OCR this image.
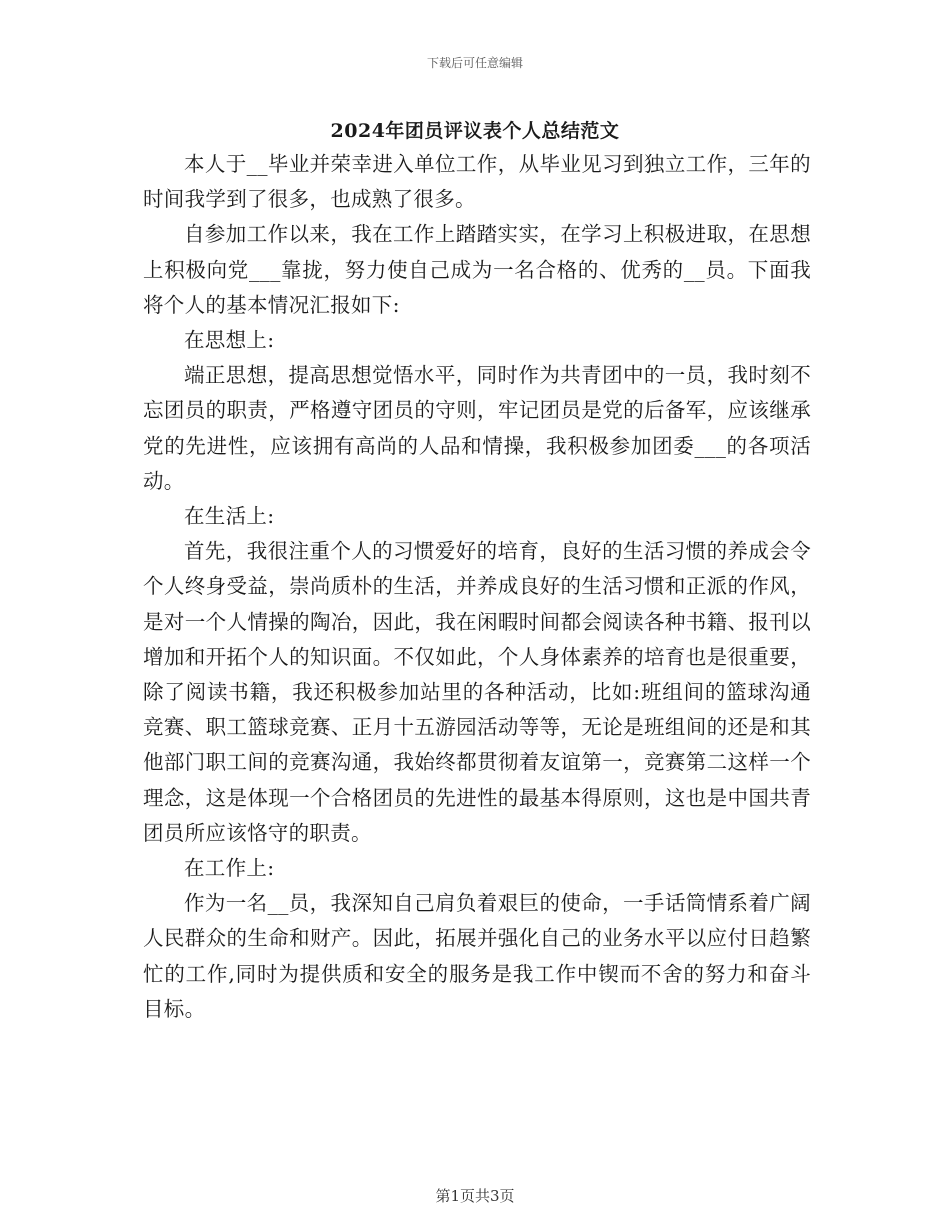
下载后可任意编辑
2024年团员评议表个人总结范文

本人于__毕业并荣幸进入单位工作，从毕业见习到独立工作，三年的时间我学到了很多，也成熟了很多。

自参加工作以来，我在工作上踏踏实实，在学习上积极进取，在思想上积极向党___靠拢，努力使自己成为一名合格的、优秀的__员。下面我将个人的基本情况汇报如下:

在思想上:

端正思想，提高思想觉悟水平，同时作为共青团中的一员，我时刻不忘团员的职责，严格遵守团员的守则，牢记团员是党的后备军，应该继承党的先进性，应该拥有高尚的人品和情操，我积极参加团委___的各项活动。

在生活上:

首先，我很注重个人的习惯爱好的培育，良好的生活习惯的养成会令个人终身受益，崇尚质朴的生活，并养成良好的生活习惯和正派的作风，是对一个人情操的陶冶，因此，我在闲暇时间都会阅读各种书籍、报刊以增加和开拓个人的知识面。不仅如此，个人身体素养的培育也是很重要，除了阅读书籍，我还积极参加站里的各种活动，比如:班组间的篮球沟通竞赛、职工篮球竞赛、正月十五游园活动等等，无论是班组间的还是和其他部门职工间的竞赛沟通，我始终都贯彻着友谊第一，竞赛第二这样一个理念，这是体现一个合格团员的先进性的最基本得原则，这也是中国共青团员所应该恪守的职责。

在工作上:

作为一名__员，我深知自己肩负着艰巨的使命，一手话筒情系着广阔人民群众的生命和财产。因此，拓展并强化自己的业务水平以应付日趋繁忙的工作,同时为提供质和安全的服务是我工作中锲而不舍的努力和奋斗目标。

第1页共3页
